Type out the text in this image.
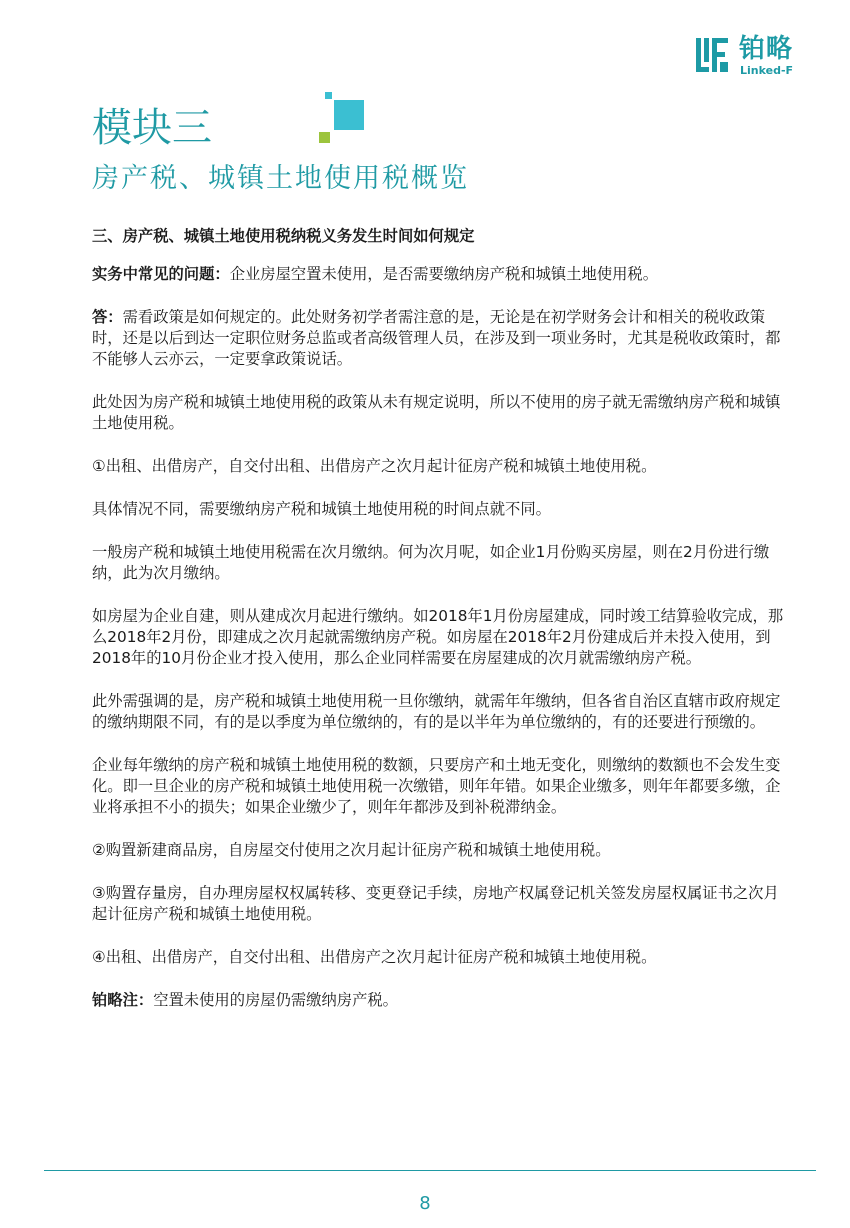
铂略
Linked-F
模块三
房产税、城镇土地使用税概览

三、房产税、城镇土地使用税纳税义务发生时间如何规定

实务中常见的问题：企业房屋空置未使用，是否需要缴纳房产税和城镇土地使用税。

答：需看政策是如何规定的。此处财务初学者需注意的是，无论是在初学财务会计和相关的税收政策时，还是以后到达一定职位财务总监或者高级管理人员，在涉及到一项业务时，尤其是税收政策时，都不能够人云亦云，一定要拿政策说话。

此处因为房产税和城镇土地使用税的政策从未有规定说明，所以不使用的房子就无需缴纳房产税和城镇土地使用税。

①出租、出借房产，自交付出租、出借房产之次月起计征房产税和城镇土地使用税。

具体情况不同，需要缴纳房产税和城镇土地使用税的时间点就不同。

一般房产税和城镇土地使用税需在次月缴纳。何为次月呢，如企业1月份购买房屋，则在2月份进行缴纳，此为次月缴纳。

如房屋为企业自建，则从建成次月起进行缴纳。如2018年1月份房屋建成，同时竣工结算验收完成，那么2018年2月份，即建成之次月起就需缴纳房产税。如房屋在2018年2月份建成后并未投入使用，到2018年的10月份企业才投入使用，那么企业同样需要在房屋建成的次月就需缴纳房产税。

此外需强调的是，房产税和城镇土地使用税一旦你缴纳，就需年年缴纳，但各省自治区直辖市政府规定的缴纳期限不同，有的是以季度为单位缴纳的，有的是以半年为单位缴纳的，有的还要进行预缴的。

企业每年缴纳的房产税和城镇土地使用税的数额，只要房产和土地无变化，则缴纳的数额也不会发生变化。即一旦企业的房产税和城镇土地使用税一次缴错，则年年错。如果企业缴多，则年年都要多缴，企业将承担不小的损失；如果企业缴少了，则年年都涉及到补税滞纳金。

②购置新建商品房，自房屋交付使用之次月起计征房产税和城镇土地使用税。

③购置存量房，自办理房屋权权属转移、变更登记手续，房地产权属登记机关签发房屋权属证书之次月起计征房产税和城镇土地使用税。

④出租、出借房产，自交付出租、出借房产之次月起计征房产税和城镇土地使用税。

铂略注：空置未使用的房屋仍需缴纳房产税。

8
